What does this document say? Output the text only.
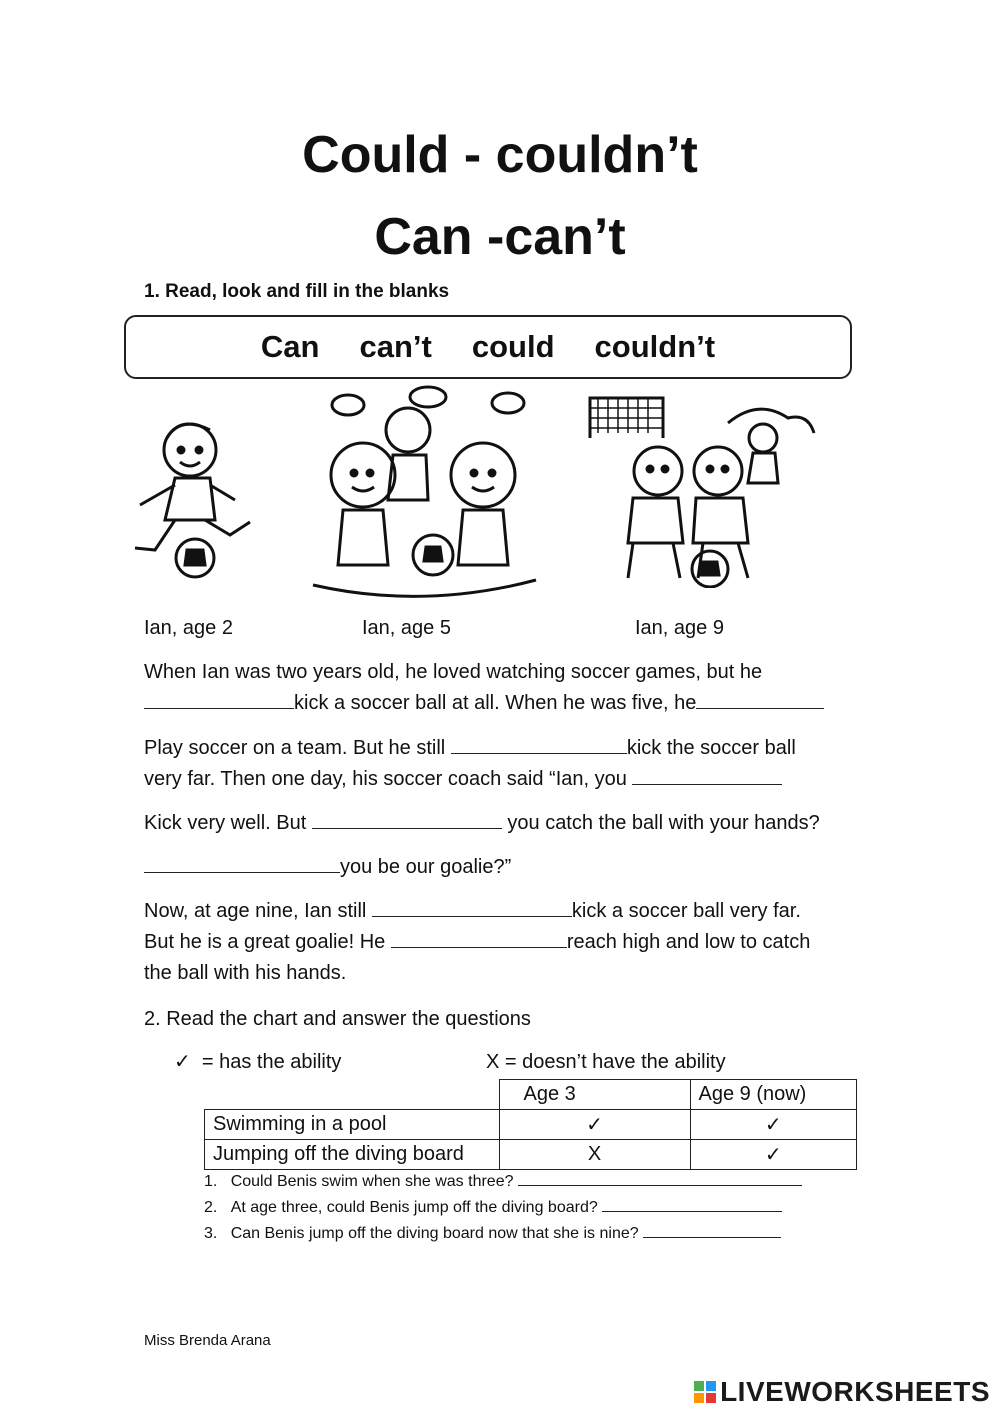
Could - couldn’t
Can -can’t
1. Read, look and fill in the blanks
Can can’t could couldn’t
Ian, age 2	Ian, age 5	Ian, age 9
When Ian was two years old, he loved watching soccer games, but he
kick a soccer ball at all. When he was five, he
Play soccer on a team. But he still	kick the soccer ball
very far. Then one day, his soccer coach said “Ian, you
Kick very well. But	you catch the ball with your hands?
you be our goalie?”
Now, at age nine, Ian still	kick a soccer ball very far.
But he is a great goalie! He	reach high and low to catch
the ball with his hands.
2. Read the chart and answer the questions
✓ = has the ability	X = doesn’t have the ability
	Age 3	Age 9 (now)
Swimming in a pool	✓	✓
Jumping off the diving board	X	✓
1. Could Benis swim when she was three?
2. At age three, could Benis jump off the diving board?
3. Can Benis jump off the diving board now that she is nine?
Miss Brenda Arana
LIVEWORKSHEETS
